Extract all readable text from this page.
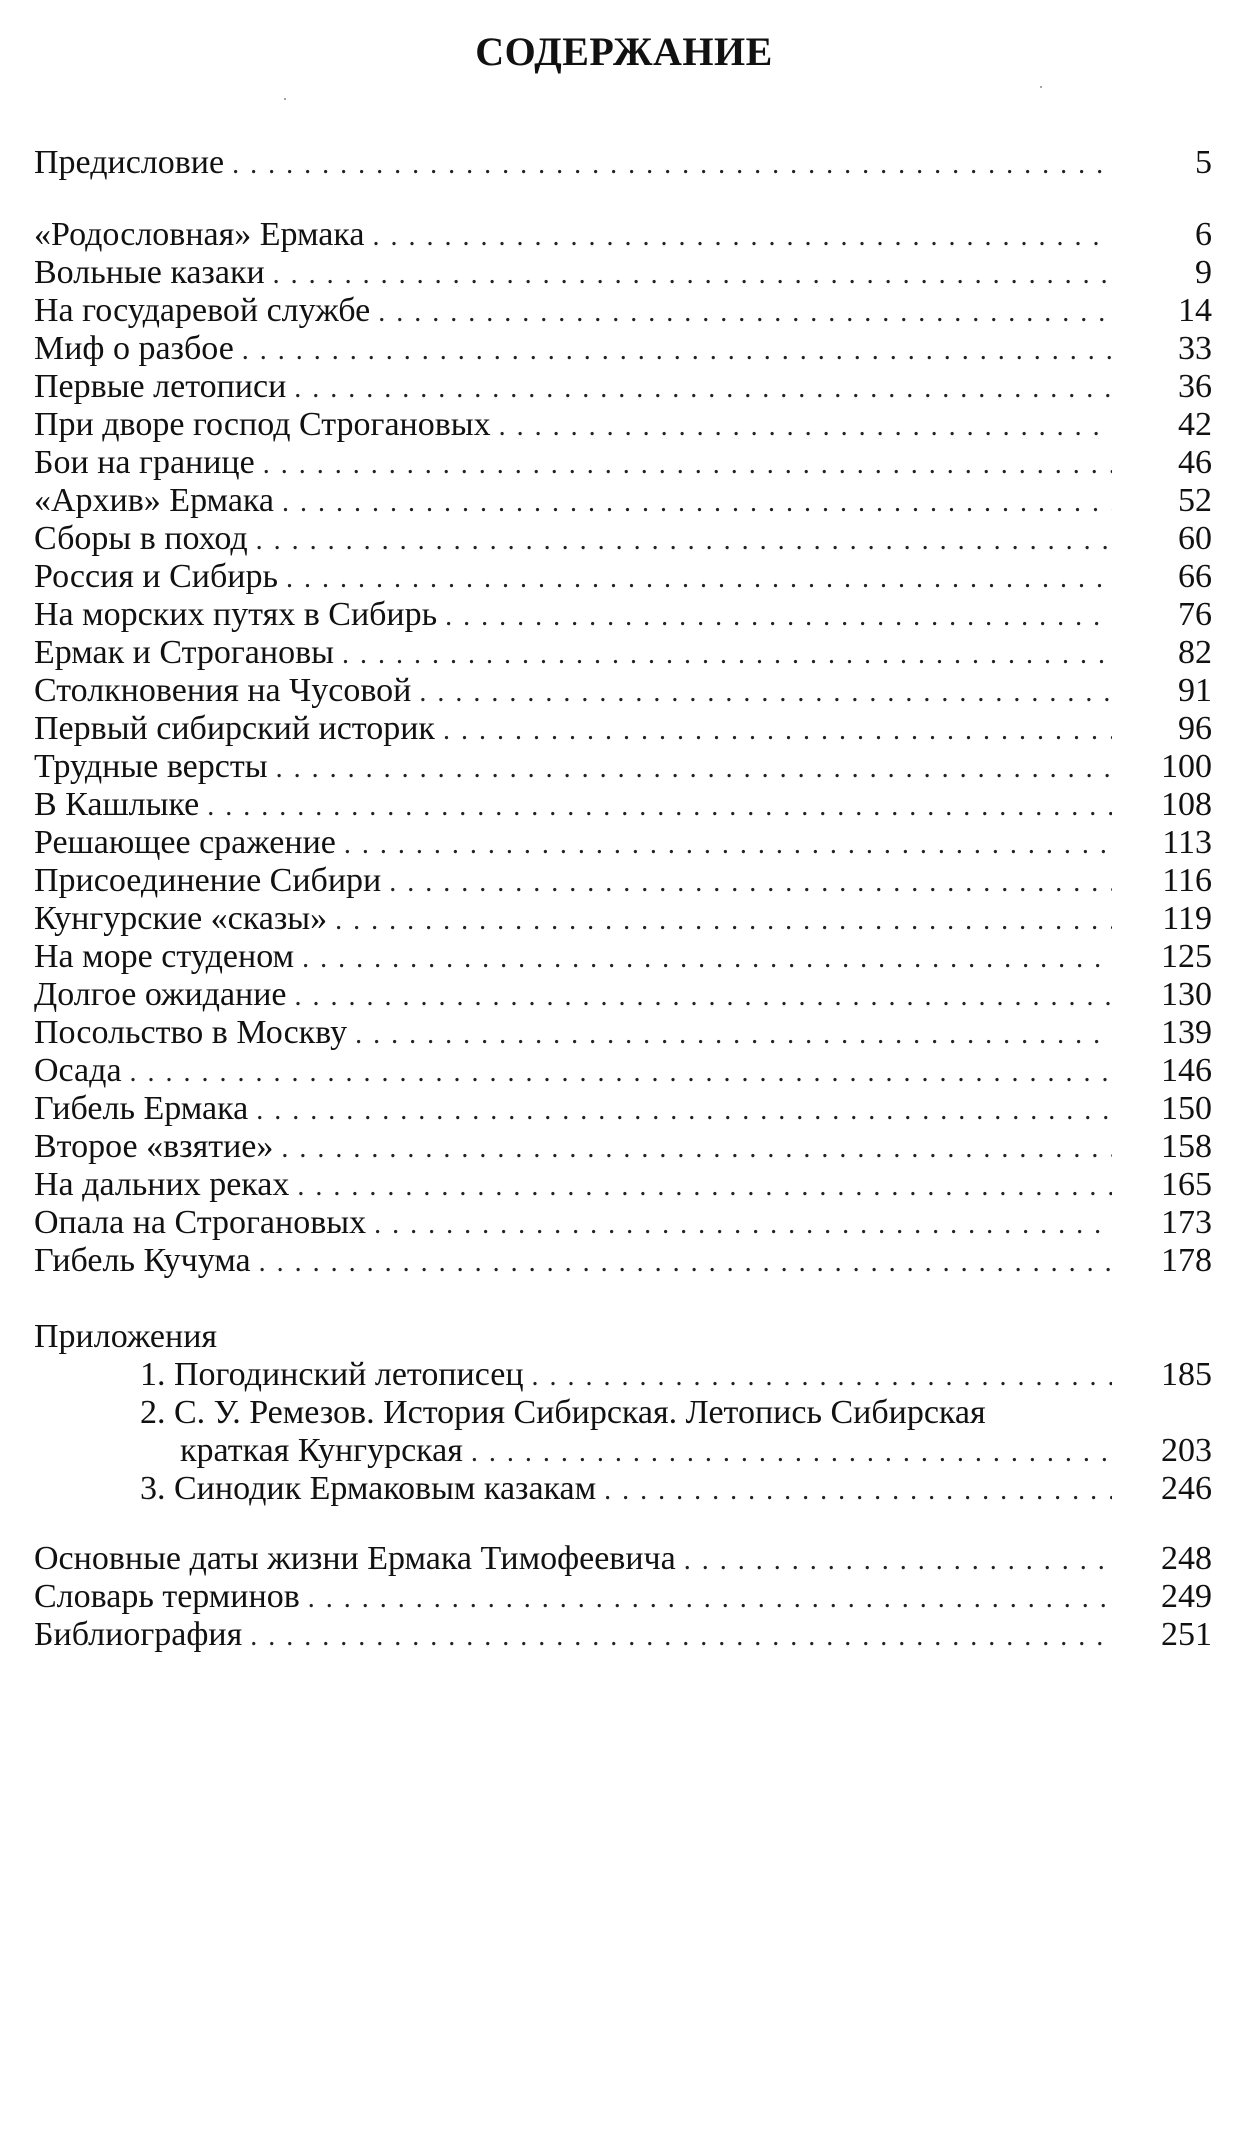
СОДЕРЖАНИЕ
Предисловие . . .	5
«Родословная» Ермака . . .	6
Вольные казаки . . .	9
На государевой службе . . .	14
Миф о разбое . . .	33
Первые летописи . . .	36
При дворе господ Строгановых . . .	42
Бои на границе . . .	46
«Архив» Ермака . . .	52
Сборы в поход . . .	60
Россия и Сибирь . . .	66
На морских путях в Сибирь . . .	76
Ермак и Строгановы . . .	82
Столкновения на Чусовой . . .	91
Первый сибирский историк . . .	96
Трудные версты . . .	100
В Кашлыке . . .	108
Решающее сражение . . .	113
Присоединение Сибири . . .	116
Кунгурские «сказы» . . .	119
На море студеном . . .	125
Долгое ожидание . . .	130
Посольство в Москву . . .	139
Осада . . .	146
Гибель Ермака . . .	150
Второе «взятие» . . .	158
На дальних реках . . .	165
Опала на Строгановых . . .	173
Гибель Кучума . . .	178
Приложения
1. Погодинский летописец . . .	185
2. С. У. Ремезов. История Сибирская. Летопись Сибирская
краткая Кунгурская . . .	203
3. Синодик Ермаковым казакам . . .	246
Основные даты жизни Ермака Тимофеевича . . .	248
Словарь терминов . . .	249
Библиография . . .	251
